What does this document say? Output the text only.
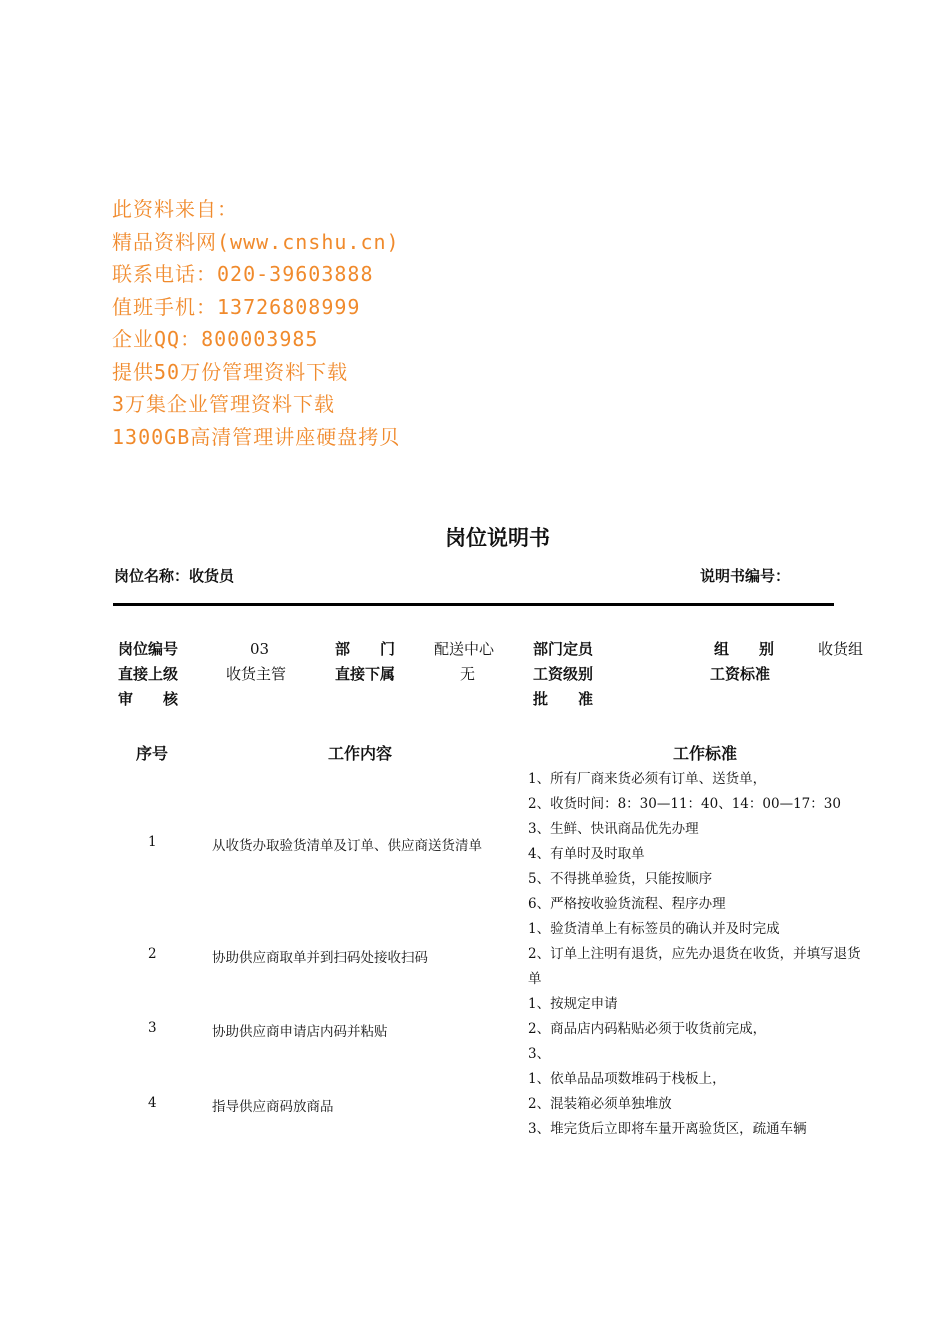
此资料来自：
精品资料网(www.cnshu.cn)
联系电话：020-39603888
值班手机：13726808999
企业QQ：800003985
提供50万份管理资料下载
3万集企业管理资料下载
1300GB高清管理讲座硬盘拷贝
岗位说明书
岗位名称：收货员	说明书编号：
岗位编号	03	部　　门	配送中心	部门定员	组　　别	收货组
直接上级	收货主管	直接下属	无	工资级别	工资标准
审　　核	批　　准
序号	工作内容	工作标准
1	从收货办取验货清单及订单、供应商送货清单
1、所有厂商来货必须有订单、送货单，
2、收货时间：8：30—11：40、14：00—17：30
3、生鲜、快讯商品优先办理
4、有单时及时取单
5、不得挑单验货，只能按顺序
6、严格按收验货流程、程序办理
2	协助供应商取单并到扫码处接收扫码
1、验货清单上有标签员的确认并及时完成
2、订单上注明有退货，应先办退货在收货，并填写退货
单
3	协助供应商申请店内码并粘贴
1、按规定申请
2、商品店内码粘贴必须于收货前完成，
3、
4	指导供应商码放商品
1、依单品品项数堆码于栈板上，
2、混装箱必须单独堆放
3、堆完货后立即将车量开离验货区，疏通车辆
